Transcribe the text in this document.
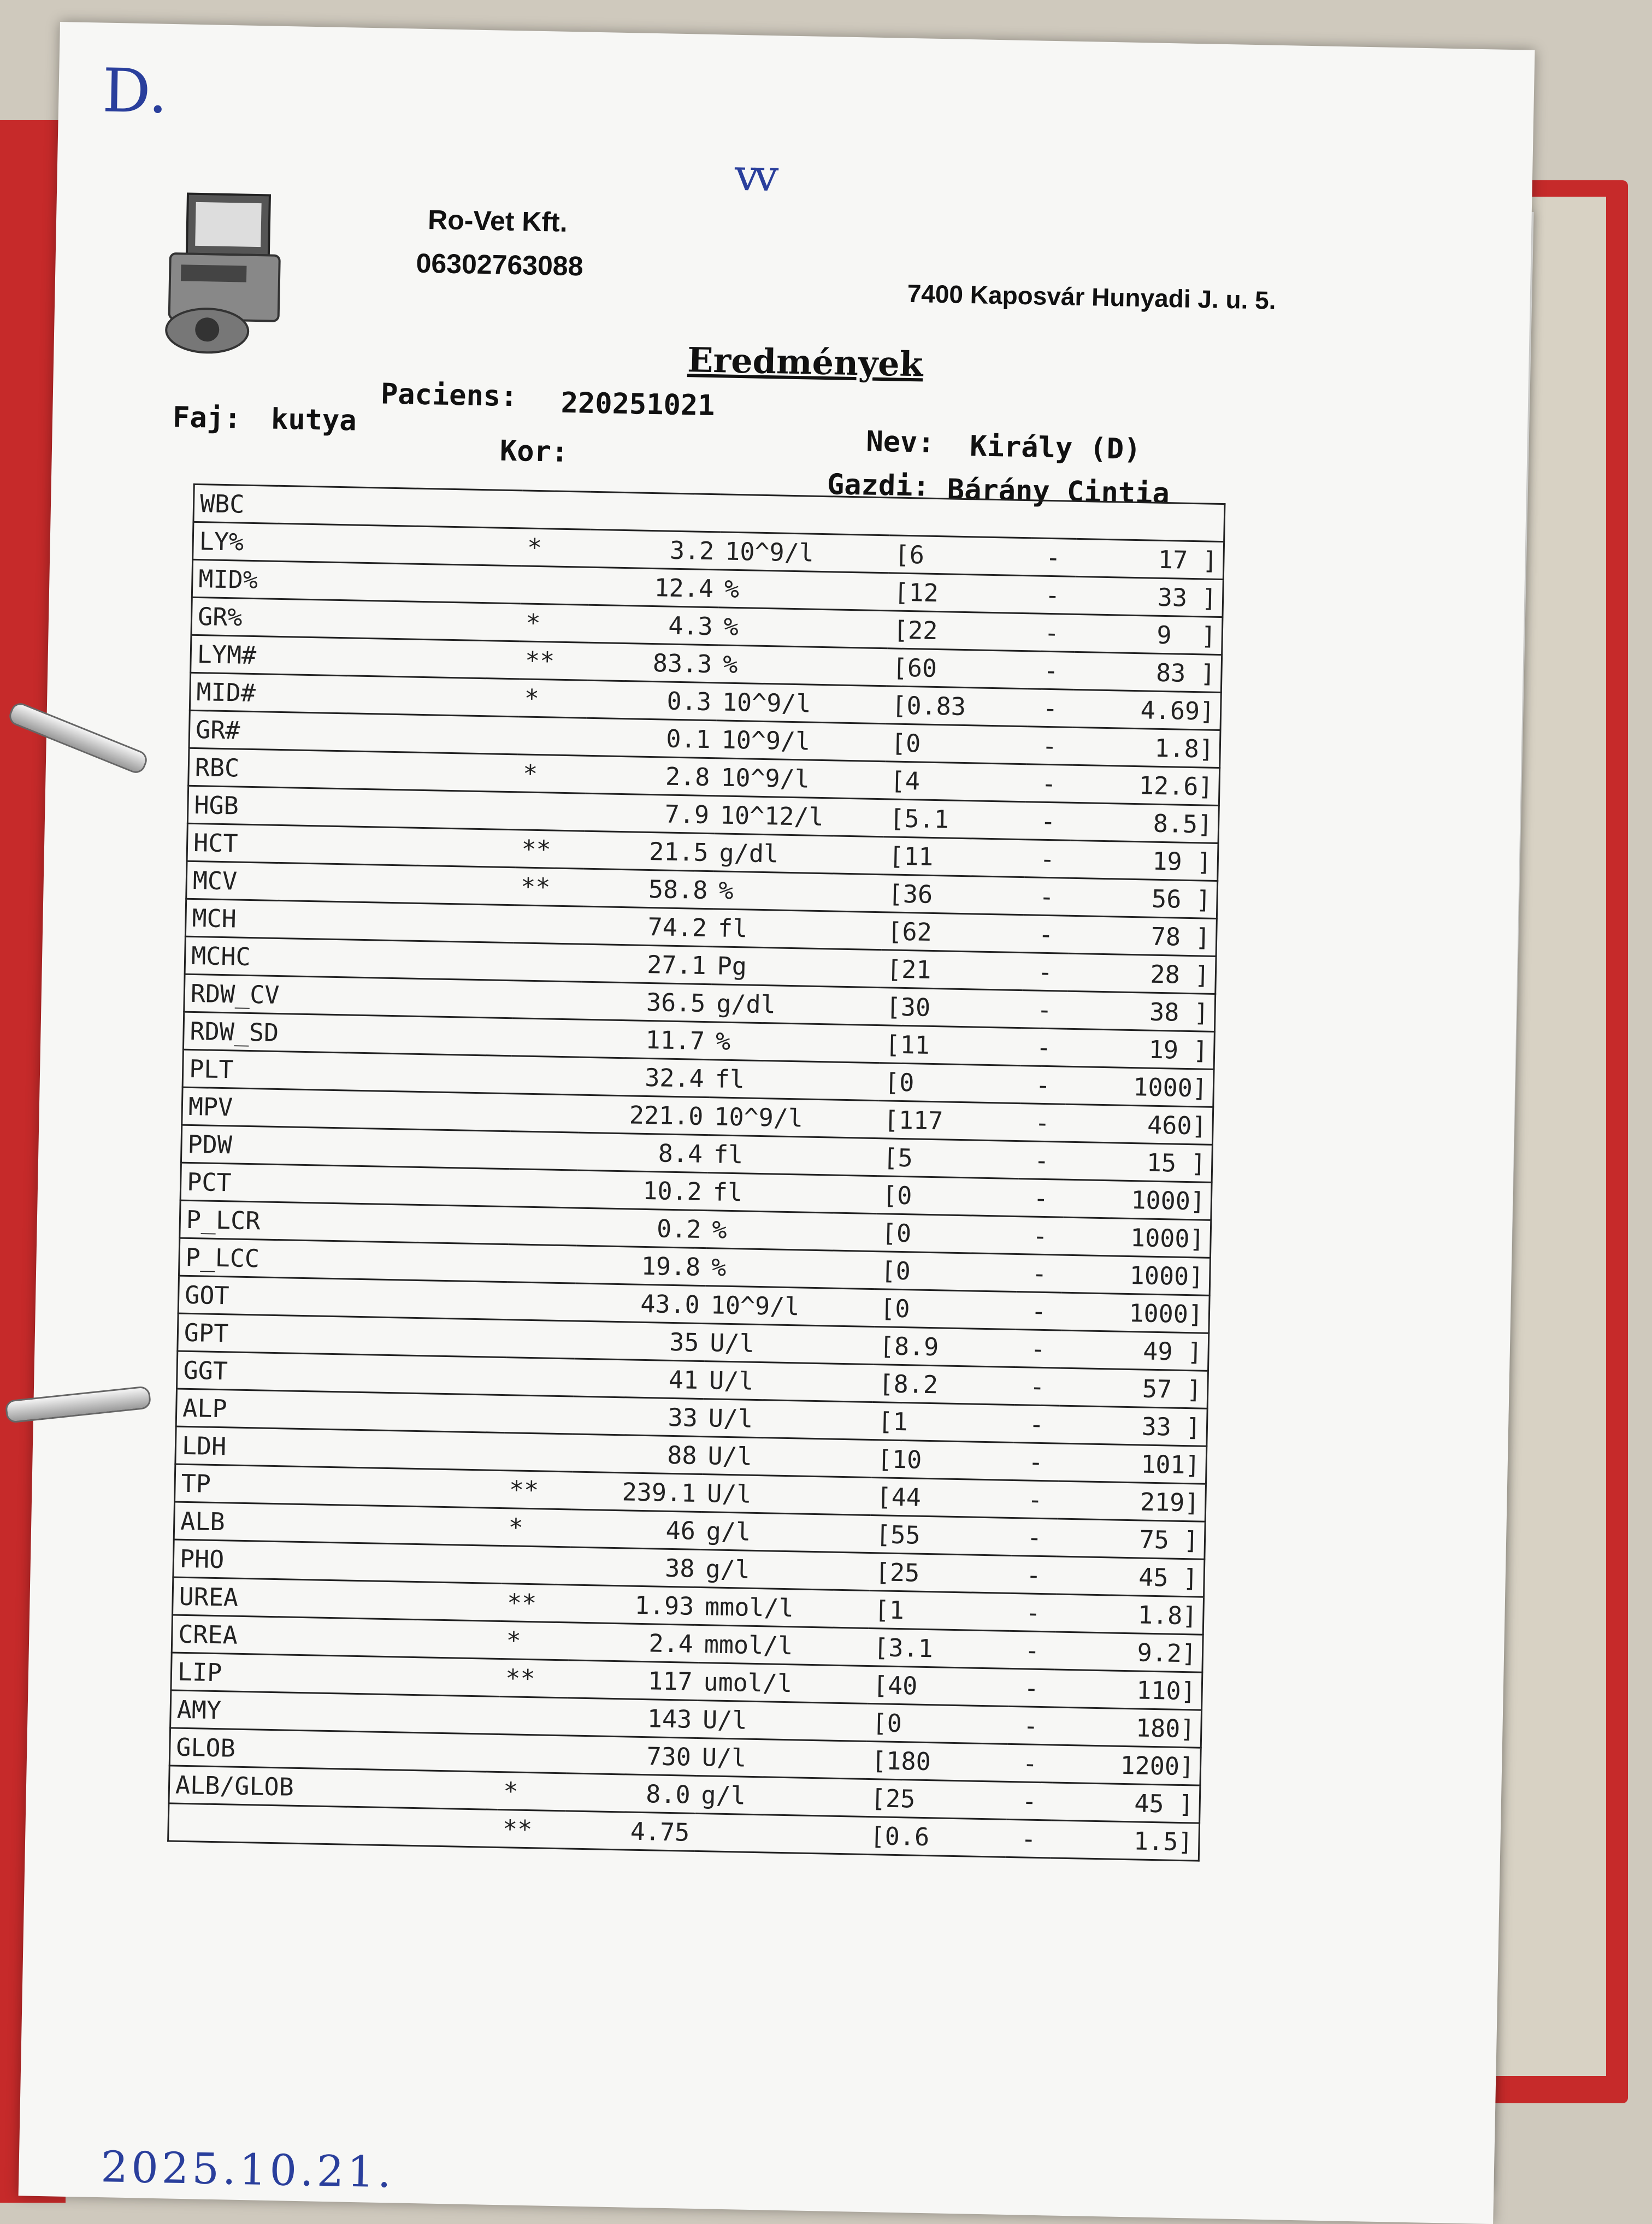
D.
vv
Ro-Vet Kft.
06302763088
7400 Kaposvár Hunyadi J. u. 5.
Eredmények
Paciens: 220251021
Faj: kutya
Kor:	Nev: Király (D)
Gazdi: Bárány Cintia
WBC						
LY%	*	3.2	10^9/l	[6	-	17 ]
MID%		12.4	%	[12	-	33 ]
GR%	*	4.3	%	[22	-	9  ]
LYM#	**	83.3	%	[60	-	83 ]
MID#	*	0.3	10^9/l	[0.83	-	4.69]
GR#		0.1	10^9/l	[0	-	1.8]
RBC	*	2.8	10^9/l	[4	-	12.6]
HGB		7.9	10^12/l	[5.1	-	8.5]
HCT	**	21.5	g/dl	[11	-	19 ]
MCV	**	58.8	%	[36	-	56 ]
MCH		74.2	fl	[62	-	78 ]
MCHC		27.1	Pg	[21	-	28 ]
RDW_CV		36.5	g/dl	[30	-	38 ]
RDW_SD		11.7	%	[11	-	19 ]
PLT		32.4	fl	[0	-	1000]
MPV		221.0	10^9/l	[117	-	460]
PDW		8.4	fl	[5	-	15 ]
PCT		10.2	fl	[0	-	1000]
P_LCR		0.2	%	[0	-	1000]
P_LCC		19.8	%	[0	-	1000]
GOT		43.0	10^9/l	[0	-	1000]
GPT		35	U/l	[8.9	-	49 ]
GGT		41	U/l	[8.2	-	57 ]
ALP		33	U/l	[1	-	33 ]
LDH		88	U/l	[10	-	101]
TP	**	239.1	U/l	[44	-	219]
ALB	*	46	g/l	[55	-	75 ]
PHO		38	g/l	[25	-	45 ]
UREA	**	1.93	mmol/l	[1	-	1.8]
CREA	*	2.4	mmol/l	[3.1	-	9.2]
LIP	**	117	umol/l	[40	-	110]
AMY		143	U/l	[0	-	180]
GLOB		730	U/l	[180	-	1200]
ALB/GLOB	*	8.0	g/l	[25	-	45 ]
	**	4.75		[0.6	-	1.5]
2025.10.21.
